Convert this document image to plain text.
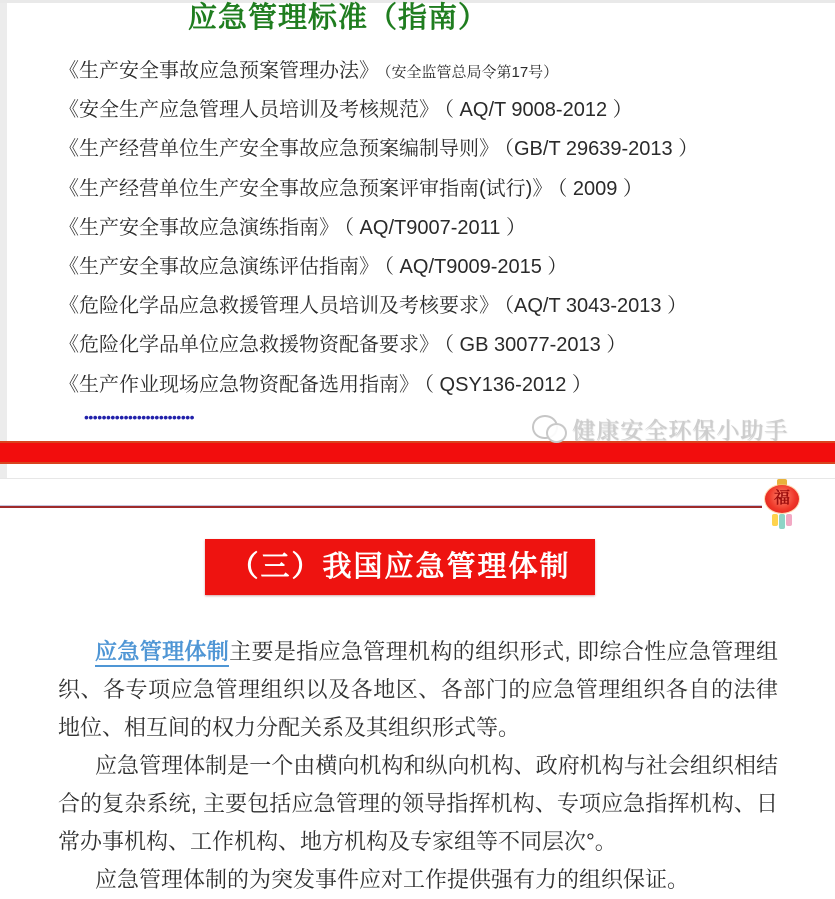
应急管理标准（指南）
《生产安全事故应急预案管理办法》 （安全监管总局令第17号）
《安全生产应急管理人员培训及考核规范》 （ AQ/T 9008-2012 ）
《生产经营单位生产安全事故应急预案编制导则》 （GB/T 29639-2013 ）
《生产经营单位生产安全事故应急预案评审指南(试行)》 （ 2009 ）
《生产安全事故应急演练指南》 （ AQ/T9007-2011 ）
《生产安全事故应急演练评估指南》 （ AQ/T9009-2015 ）
《危险化学品应急救援管理人员培训及考核要求》 （AQ/T 3043-2013 ）
《危险化学品单位应急救援物资配备要求》 （ GB 30077-2013 ）
《生产作业现场应急物资配备选用指南》 （ QSY136-2012 ）
•••••••••••••••••••••••••	健康安全环保小助手
福
（三）我国应急管理体制

应急管理体制主要是指应急管理机构的组织形式, 即综合性应急管理组织、各专项应急管理组织以及各地区、各部门的应急管理组织各自的法律地位、相互间的权力分配关系及其组织形式等。

应急管理体制是一个由横向机构和纵向机构、政府机构与社会组织相结合的复杂系统, 主要包括应急管理的领导指挥机构、专项应急指挥机构、日常办事机构、工作机构、地方机构及专家组等不同层次°。

应急管理体制的为突发事件应对工作提供强有力的组织保证。
